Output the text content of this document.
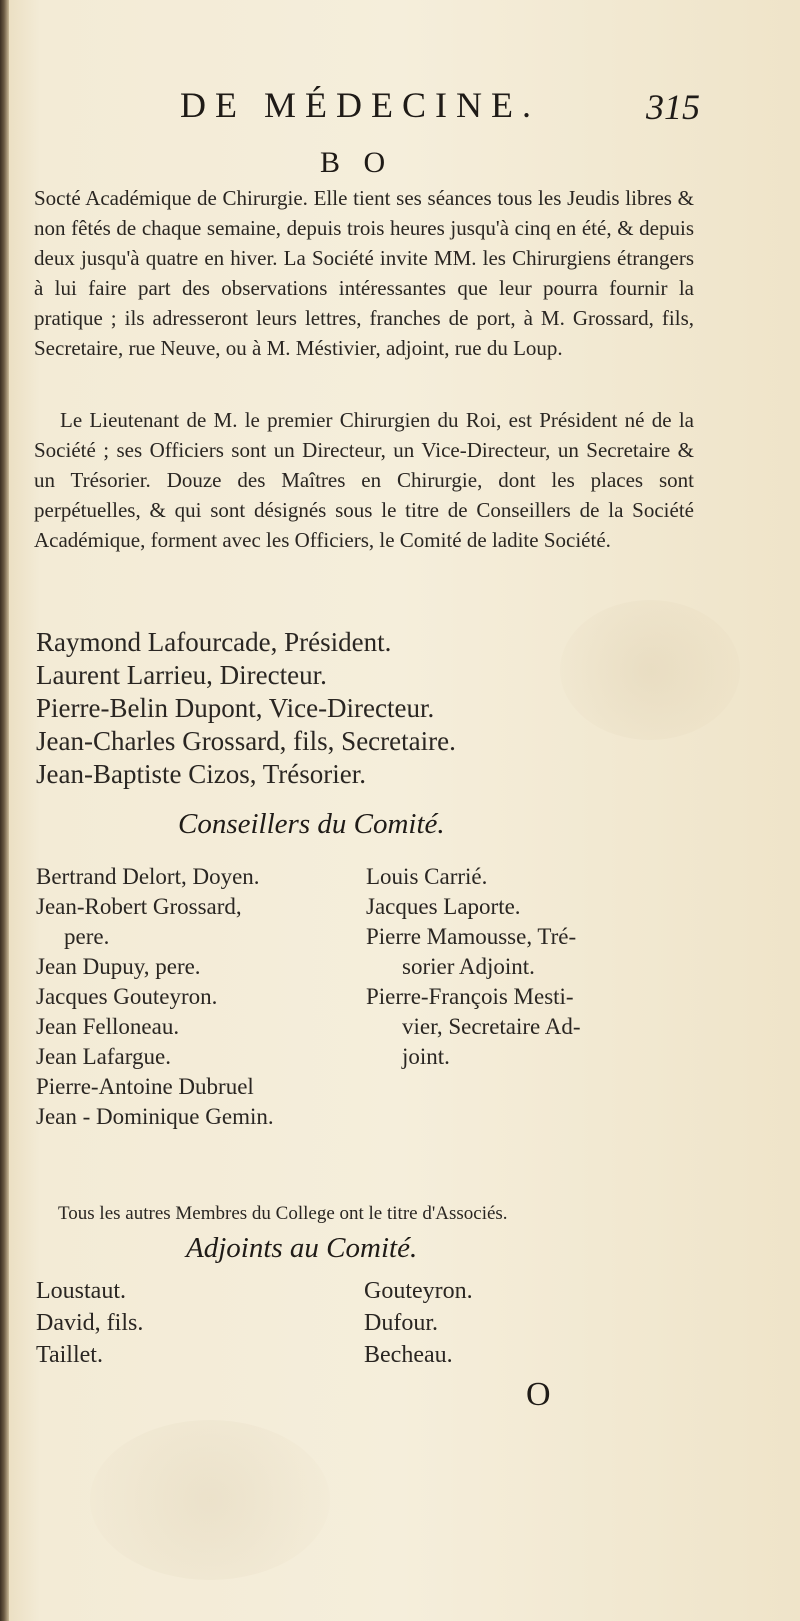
DE MÉDECINE.	315
B O

Socté Académique de Chirurgie. Elle tient ses séances tous les Jeudis libres & non fêtés de chaque semaine, depuis trois heures jusqu'à cinq en été, & depuis deux jusqu'à quatre en hiver. La Société invite MM. les Chirurgiens étrangers à lui faire part des observations intéressantes que leur pourra fournir la pratique ; ils adresseront leurs lettres, franches de port, à M. Grossard, fils, Secretaire, rue Neuve, ou à M. Méstivier, adjoint, rue du Loup.

Le Lieutenant de M. le premier Chirurgien du Roi, est Président né de la Société ; ses Officiers sont un Directeur, un Vice-Directeur, un Secretaire & un Trésorier. Douze des Maîtres en Chirurgie, dont les places sont perpétuelles, & qui sont désignés sous le titre de Conseillers de la Société Académique, forment avec les Officiers, le Comité de ladite Société.

Raymond Lafourcade, Président.
Laurent Larrieu, Directeur.
Pierre-Belin Dupont, Vice-Directeur.
Jean-Charles Grossard, fils, Secretaire.
Jean-Baptiste Cizos, Trésorier.
Conseillers du Comité.
Bertrand Delort, Doyen.
Jean-Robert Grossard,
pere.
Jean Dupuy, pere.
Jacques Gouteyron.
Jean Felloneau.
Jean Lafargue.
Pierre-Antoine Dubruel
Jean - Dominique Gemin.
Louis Carrié.
Jacques Laporte.
Pierre Mamousse, Tré-
sorier Adjoint.
Pierre-François Mesti-
vier, Secretaire Ad-
joint.

Tous les autres Membres du College ont le titre d'Associés.

Adjoints au Comité.
Loustaut.
David, fils.
Taillet.
Gouteyron.
Dufour.
Becheau.
O
